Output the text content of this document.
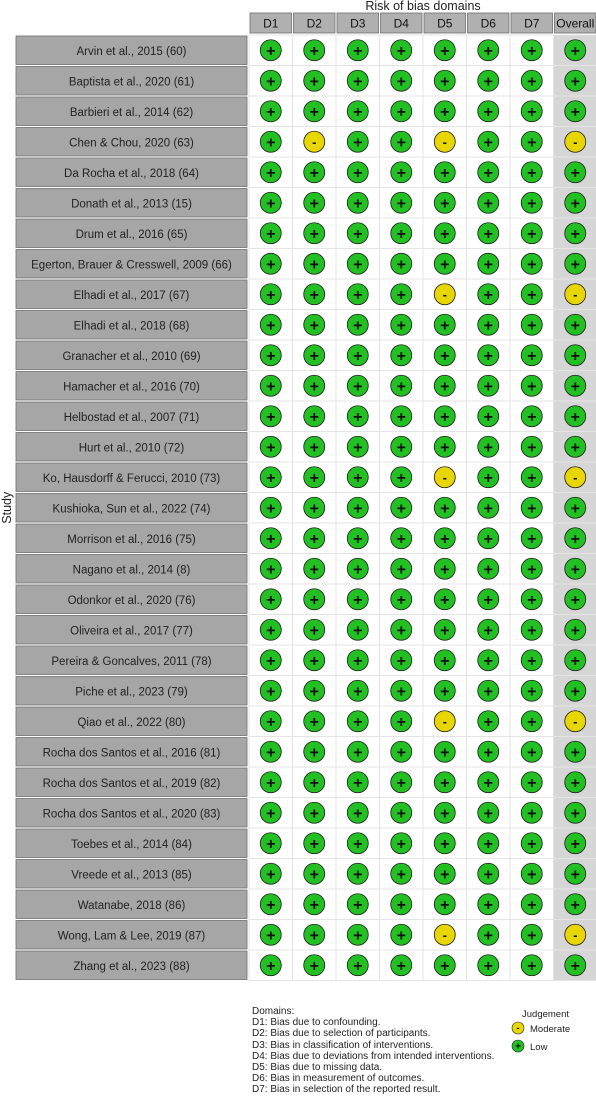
Risk of bias domains
Study
D1 D2 D3 D4 D5 D6 D7 Overall
Arvin et al., 2015 (60)	+ + + + + + + +
Baptista et al., 2020 (61)	+ + + + + + + +
Barbieri et al., 2014 (62)	+ + + + + + + +
Chen & Chou, 2020 (63)	+	- + +	- + +	-
Da Rocha et al., 2018 (64)	+ + + + + + + +
Donath et al., 2013 (15)	+ + + + + + + +
Drum et al., 2016 (65)	+ + + + + + + +
Egerton, Brauer & Cresswell, 2009 (66) + + + + + + + +
Elhadi et al., 2017 (67)	+ + + +	- + +	-
Elhadi et al., 2018 (68)	+ + + + + + + +
Granacher et al., 2010 (69)	+ + + + + + + +
Hamacher et al., 2016 (70)	+ + + + + + + +
Helbostad et al., 2007 (71)	+ + + + + + + +
Hurt et al., 2010 (72)	+ + + + + + + +
Ko, Hausdorff & Ferucci, 2010 (73)	+ + + +	- + +	-
Kushioka, Sun et al., 2022 (74)	+ + + + + + + +
Morrison et al., 2016 (75)	+ + + + + + + +
Nagano et al., 2014 (8)	+ + + + + + + +
Odonkor et al., 2020 (76)	+ + + + + + + +
Oliveira et al., 2017 (77)	+ + + + + + + +
Pereira & Goncalves, 2011 (78)	+ + + + + + + +
Piche et al., 2023 (79)	+ + + + + + + +
Qiao et al., 2022 (80)	+ + + +	- + +	-
Rocha dos Santos et al., 2016 (81)	+ + + + + + + +
Rocha dos Santos et al., 2019 (82)	+ + + + + + + +
Rocha dos Santos et al., 2020 (83)	+ + + + + + + +
Toebes et al., 2014 (84)	+ + + + + + + +
Vreede et al., 2013 (85)	+ + + + + + + +
Watanabe, 2018 (86)	+ + + + + + + +
Wong, Lam & Lee, 2019 (87)	+ + + +	- + +	-
Zhang et al., 2023 (88)	+ + + + + + + +
Domains:
D1: Bias due to confounding.
D2: Bias due to selection of participants.
D3: Bias in classification of interventions.
D4: Bias due to deviations from intended interventions.
D5: Bias due to missing data.
D6: Bias in measurement of outcomes.
D7: Bias in selection of the reported result.
Judgement
- Moderate
+ Low
